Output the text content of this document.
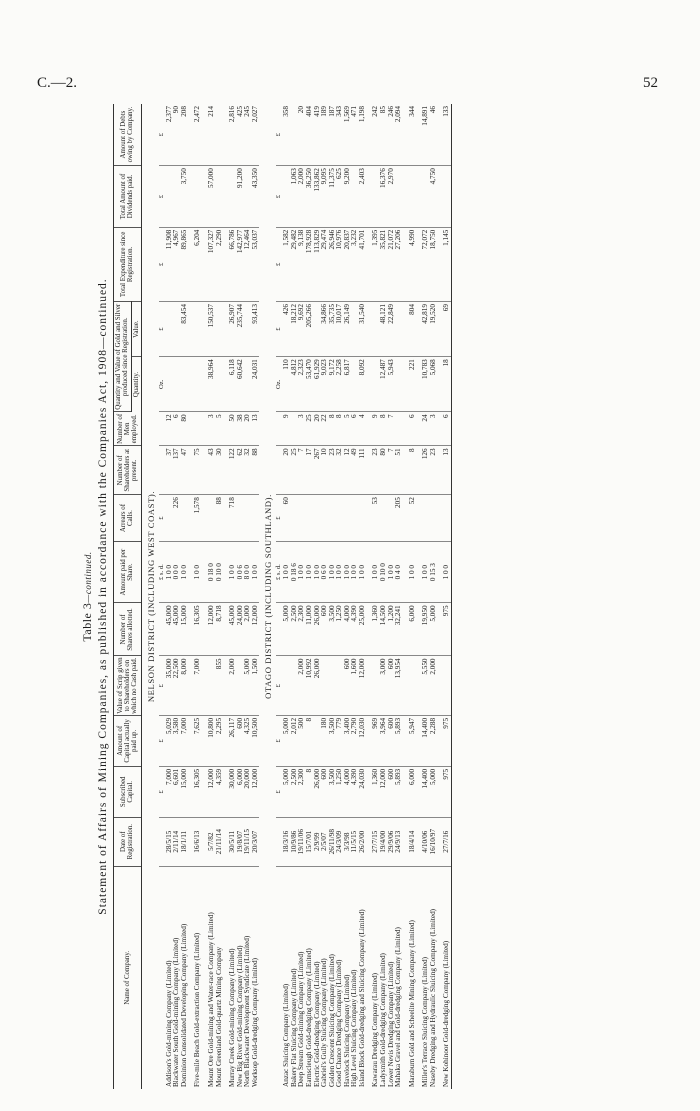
C.—2.	52
Table 3—continued. Statement of Affairs of Mining Companies, as published in accordance with the Companies Act, 1908—continued.
Name of Company.	Date of Registration.	Subscribed Capital.	Amount of Capital actually paid up.	Value of Scrip given to Shareholders on which no Cash paid.	Number of Shares allotted.	Amount paid per Share.	Arrears of Calls.	Number of Shareholders at present.	Number of Men employed.	Quantity and Value of Gold and Silver produced since Registration.		Total Expenditure since Registration.	Total Amount of Dividends paid.	Amount of Debts owing by Company.
										Quantity.	Value.			
NELSON DISTRICT (INCLUDING WEST COAST).														
		£	£	£		£ s. d.	£			Oz.	£	£	£	£
Addison's Gold-mining Company (Limited)	28/5/15	7,000	5,029	35,000	45,000	1 0 0		37	12			11,908		2,377
Blackwater South Gold-mining Company (Limited)	2/11/14	6,601	3,580	22,500	45,000	0 0 0	226	137	6			4,967		90
Dominion Consolidated Developing Company (Limited)	18/1/11	15,000	7,000	8,000	15,000	1 0 0		47	80		83,454	89,865	3,750	208

Five-mile Beach Gold-extraction Company (Limited)	16/6/13	16,305	7,625	7,000	16,305	1 0 0	1,578	75				6,204		2,472

Mount Ore Gold-mining and Water-race Company (Limited)	5/7/82	12,000	10,800		12,000	0 18 0		43	3	38,964	150,537	107,327	57,000	214
Mount Greenland Gold-quartz Mining Company	21/11/14	4,359	2,295	855	8,718	0 10 0	88	30	5			2,290		

Murray Creek Gold-mining Company (Limited)	30/5/11	30,000	26,117	2,000	45,000	1 0 0	718	122	50	6,118	26,907	66,786		2,816
New Big River Gold-mining Company (Limited)	19/8/07	6,000	600		24,000	0 0 6		62	38	60,642	235,744	142,977	91,200	425
North Blackwater Development Syndicate (Limited)	19/11/15	20,000	4,325	5,000	2,000	8 0 0		32	20			12,464		245
Worksop Gold-dredging Company (Limited)	20/3/07	12,000	10,500	1,500	12,000	1 0 0		88	13	24,031	93,413	53,037	43,350	2,027
OTAGO DISTRICT (INCLUDING SOUTHLAND).														
		£	£	£		£ s. d.	£			Oz.	£	£	£	£
Anzac Sluicing Company (Limited)	18/3/16	5,000	5,000		5,000	1 0 0	60	20	9	110	426	1,582		358
Bakery Flat Sluicing Company (Limited)	10/9/86	2,500	2,012		2,500	0 18 6		25		4,812	18,212	29,482	1,063	
Deep Stream Gold-mining Company (Limited)	19/11/06	2,300	500	2,000	2,300	1 0 0		7	3	2,323	9,692	9,138	2,000	20
Earnscleugh Gold-dredging Company (Limited)	15/7/01	8	8	10,992	11,000	1 0 0		17	25	53,470	205,266	178,928	36,250	404
Electric Gold-dredging Company (Limited)	2/9/99	26,000		26,000	26,000	1 0 0		267	20	61,929		113,829	133,862	419
Gabriel's Gully Sluicing Company (Limited)	2/5/07	600	180		600	0 6 0		10	22	9,023	34,866	29,474	9,095	189
Golden Crescent Sluicing Company (Limited)	26/11/98	3,500	3,500		3,500	1 0 0		23	8	9,172	35,735	26,946	11,375	187
Good Chance Dredging Company (Limited)	24/3/09	1,250	779		1,250	1 0 0		32	8	2,258	10,017	10,976	625	343
Havelock Sluicing Company (Limited)	3/3/98	4,000	3,400	600	4,000	1 0 0		12	5	6,817	26,149	20,837	9,200	1,569
High Level Sluicing Company (Limited)	11/5/15	4,390	2,790	1,600	4,390	1 0 0		49	6			3,232		471
Island Block Gold-dredging and Sluicing Company (Limited)	26/2/00	24,030	12,030	12,000	25,000	1 0 0		111	4	8,092	31,540	41,701	2,403	1,198

Kawarau Dredging Company (Limited)	27/7/15	1,360	969		1,360	1 0 0	53	23	9			1,395		242
Ladysmith Gold-dredging Company (Limited)	19/4/00	12,000	3,964	3,000	14,500	0 10 0		80	8	12,487	48,121	35,821	16,376	85
Lower Nevis Dredging Company (Limited)	29/9/06	600	600	600	1,200	1 0 0		7	7	5,943	22,849	21,072	2,970	246
Mahaka Gravel and Gold-dredging Company (Limited)	24/9/13	5,893	5,893	13,954	32,241	0 4 0	205	51				27,206		2,094

Maraburn Gold and Scheelite Mining Company (Limited)	18/4/14	6,000	5,947		6,000	1 0 0	52	8	6	221	804	4,990		344

Miller's Terrace Sluicing Company (Limited)	4/10/06	14,400	14,400	5,550	19,950	1 0 0		126	24	10,783	42,819	72,072		14,891
Naseby Dredging and Hydraulic Sluicing Company (Limited)	16/10/97	5,000	2,288	2,000	5,000	0 15 3		23	3	5,068	19,520	18,750	4,750	46

New Kohinoor Gold-dredging Company (Limited)	27/7/16	975	975		975	1 0 0		13	6	18	69	1,145		133
